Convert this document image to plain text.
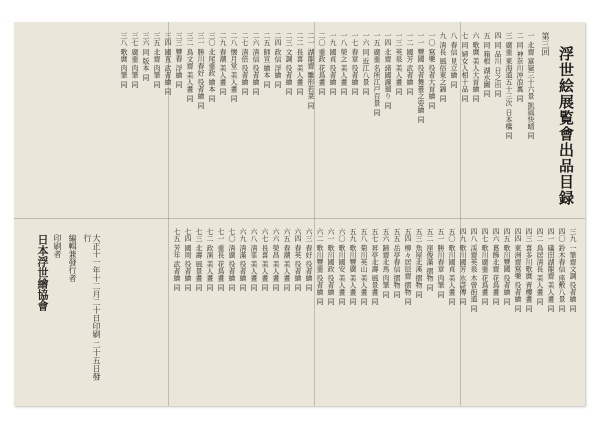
浮世絵展覧會出品目録
第三回
一 北齋 富嶽三十六景 凱風快晴 同
二 同 神奈川沖浪裏 同
三 廣重 東海道五十三次 日本橋 同
四 同 品川 日之出 同
五 同 箱根 湖水圖 同
六 歌麿 美人大首繪 同
七 同 婦女人相十品 同
八 春信 見立繪 同
九 清長 風俗東之錦 同
一〇 寫樂 役者大首繪 同
一一 豐國 役者舞臺之姿繪 同
一二 國芳 武者繪 同
一三 英泉 美人畫 同
一四 北齋 諸國瀧廻り 同
一五 廣重 名所江戸百景 同
一六 同 近江八景 同
一七 春章 役者繪 同
一八 榮之 美人畫 同
一九 國貞 役者繪 同
二〇 重政 花鳥畫 同
二一 湖龍齋 雛形若菜 同
二二 長喜 美人畫 同
二三 文調 役者繪 同
二四 政信 浮繪 同
二五 師宣 繪本 同
二六 清信 役者繪 同
二七 清倍 役者繪 同
二八 懐月堂 美人畫 同
二九 春潮 美人畫 同
三〇 北尾重政 繪本 同
三一 勝川春好 役者繪 同
三二 鳥文齋 美人畫 同
三三 豐春 浮繪 同
三四 國直 武者繪 同
三五 北齋 肉筆 同
三六 同 版本 同
三七 廣重 肉筆 同
三八 歌麿 肉筆 同
三九 一筆齋文調 役者繪 同
四〇 鈴木春信 座敷八景 同
四一 礒田湖龍齋 美人畫 同
四二 鳥居清長 美人畫 同
四三 喜多川歌麿 青樓畫 同
四四 東洲齋寫樂 役者繪 同
四五 歌川豐國 役者繪 同
四六 葛飾北齋 花鳥畫 同
四七 歌川廣重 花鳥畫 同
四八 渓齋英泉 木曾街道 同
四九 歌川國芳 水滸傳 同
五〇 歌川國貞 美人畫 同
五一 勝川春章 肉筆 同
五二 窪俊滿 摺物 同
五三 魚屋北溪 摺物 同
五四 柳々居辰齋 摺物 同
五五 岳亭春信 摺物 同
五六 蹄齋北馬 肉筆 同
五七 昇亭北壽 風景畫 同
五八 菊川英山 美人畫 同
五九 歌川豐廣 美人畫 同
六〇 歌川國安 美人畫 同
六一 歌川國政 役者繪 同
六二 歌川豐重 役者繪 同
六三 春好 役者繪 同
六四 春英 役者繪 同
六五 春潮 美人畫 同
六六 榮昌 美人畫 同
六七 長喜 美人畫 同
六八 清峯 美人畫 同
六九 清滿 役者繪 同
七〇 清廣 役者繪 同
七一 重長 花鳥畫 同
七二 政演 美人畫 同
七三 北壽 風景畫 同
七四 國周 役者繪 同
七五 芳年 武者繪 同
大正十一年十二月二十日印刷 二十五日發行
編輯兼發行者
印刷者
日本浮世繪協會
